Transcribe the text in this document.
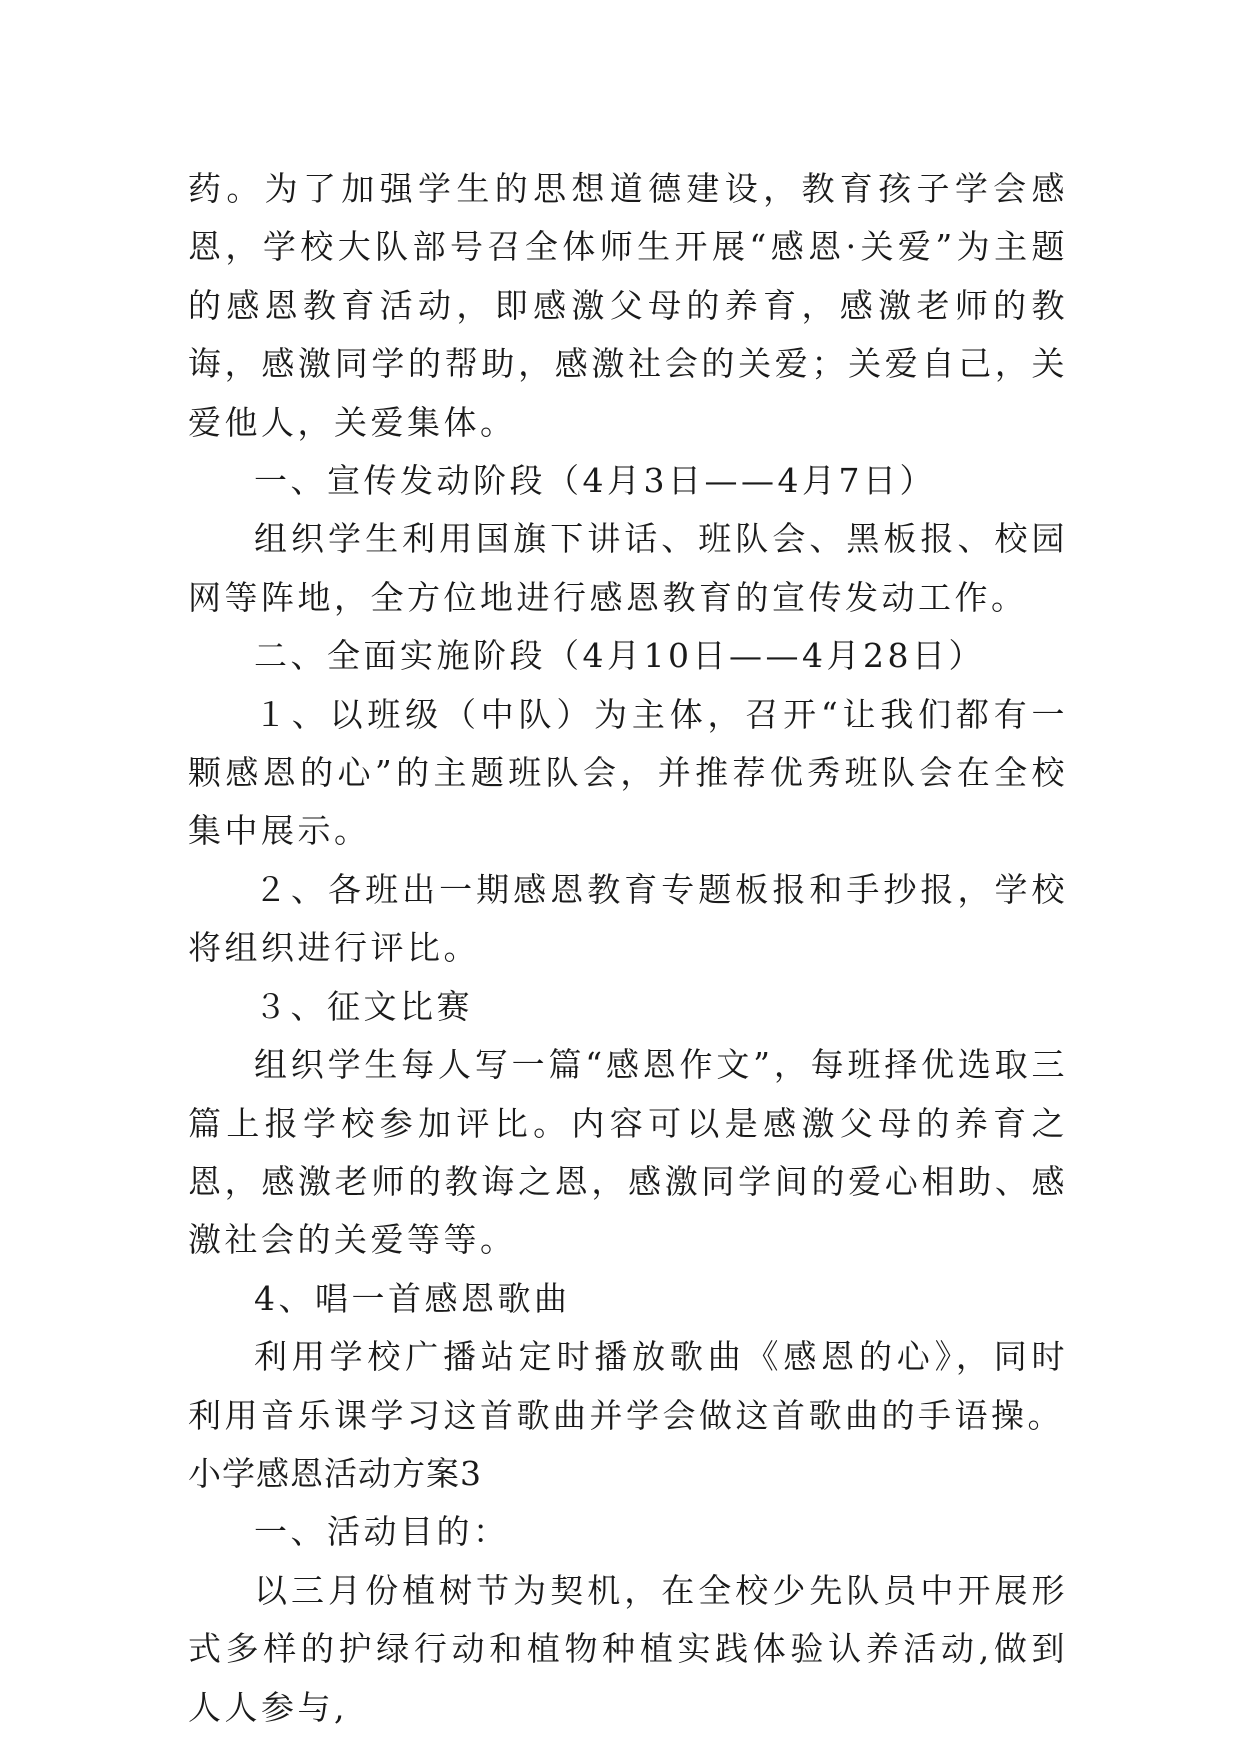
药。为了加强学生的思想道德建设，教育孩子学会感恩，学校大队部号召全体师生开展“感恩·关爱”为主题的感恩教育活动，即感激父母的养育，感激老师的教诲，感激同学的帮助，感激社会的关爱；关爱自己，关爱他人，关爱集体。

一、宣传发动阶段（4月3日——4月7日）

组织学生利用国旗下讲话、班队会、黑板报、校园网等阵地，全方位地进行感恩教育的宣传发动工作。

二、全面实施阶段（4月10日——4月28日）

１、以班级（中队）为主体，召开“让我们都有一颗感恩的心”的主题班队会，并推荐优秀班队会在全校集中展示。

２、各班出一期感恩教育专题板报和手抄报，学校将组织进行评比。

３、征文比赛

组织学生每人写一篇“感恩作文”，每班择优选取三篇上报学校参加评比。内容可以是感激父母的养育之恩，感激老师的教诲之恩，感激同学间的爱心相助、感激社会的关爱等等。

4、唱一首感恩歌曲

利用学校广播站定时播放歌曲《感恩的心》，同时利用音乐课学习这首歌曲并学会做这首歌曲的手语操。

小学感恩活动方案3

一、活动目的：

以三月份植树节为契机，在全校少先队员中开展形式多样的护绿行动和植物种植实践体验认养活动,做到人人参与,
